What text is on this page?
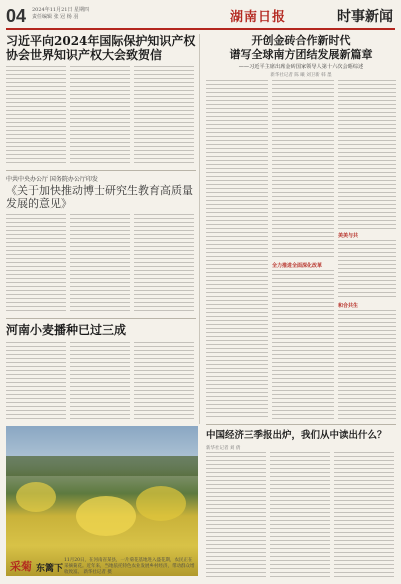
04 2024年11月21日 星期四
责任编辑 张 冠 杨 羽	湖南日报	时事新闻
习近平向2024年国际保护知识产权协会世界知识产权大会致贺信
中共中央办公厅 国务院办公厅印发
《关于加快推动博士研究生教育高质量发展的意见》
河南小麦播种已过三成
开创金砖合作新时代
谱写全球南方团结发展新篇章
——习近平主席出席金砖国家领导人第十六次会晤综述
新华社记者 陈 曦 刘卫新 韩 墨
全力推进全面深化改革
美美与共
和合共生
采菊 东篱下
11月20日，在河南省某县，一片菊花基地进入盛花期，农民正在采摘菊花。近年来，当地依托特色农业发展乡村经济，带动群众增收致富。 新华社记者 摄
中国经济三季报出炉，我们从中读出什么？
新华社记者 刘 倩
